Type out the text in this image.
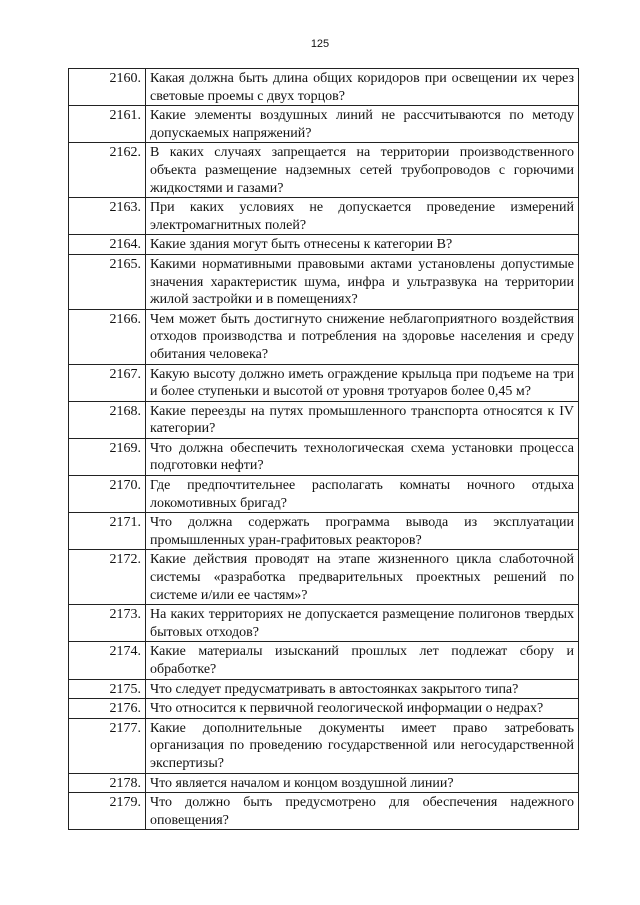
125
2160.	Какая должна быть длина общих коридоров при освещении их через световые проемы с двух торцов?
2161.	Какие элементы воздушных линий не рассчитываются по методу допускаемых напряжений?
2162.	В каких случаях запрещается на территории производственного объекта размещение надземных сетей трубопроводов с горючими жидкостями и газами?
2163.	При каких условиях не допускается проведение измерений электромагнитных полей?
2164.	Какие здания могут быть отнесены к категории В?
2165.	Какими нормативными правовыми актами установлены допустимые значения характеристик шума, инфра и ультразвука на территории жилой застройки и в помещениях?
2166.	Чем может быть достигнуто снижение неблагоприятного воздействия отходов производства и потребления на здоровье населения и среду обитания человека?
2167.	Какую высоту должно иметь ограждение крыльца при подъеме на три и более ступеньки и высотой от уровня тротуаров более 0,45 м?
2168.	Какие переезды на путях промышленного транспорта относятся к IV категории?
2169.	Что должна обеспечить технологическая схема установки процесса подготовки нефти?
2170.	Где предпочтительнее располагать комнаты ночного отдыха локомотивных бригад?
2171.	Что должна содержать программа вывода из эксплуатации промышленных уран-графитовых реакторов?
2172.	Какие действия проводят на этапе жизненного цикла слаботочной системы «разработка предварительных проектных решений по системе и/или ее частям»?
2173.	На каких территориях не допускается размещение полигонов твердых бытовых отходов?
2174.	Какие материалы изысканий прошлых лет подлежат сбору и обработке?
2175.	Что следует предусматривать в автостоянках закрытого типа?
2176.	Что относится к первичной геологической информации о недрах?
2177.	Какие дополнительные документы имеет право затребовать организация по проведению государственной или негосударственной экспертизы?
2178.	Что является началом и концом воздушной линии?
2179.	Что должно быть предусмотрено для обеспечения надежного оповещения?
